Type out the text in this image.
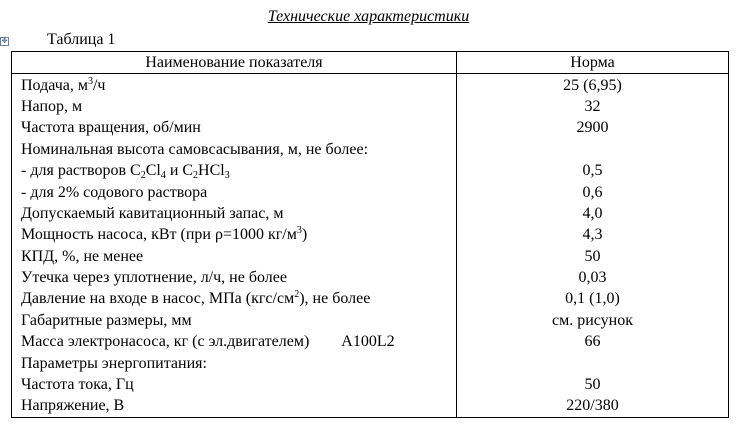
Технические характеристики
✥ Таблица 1
Наименование показателя	Норма
Подача, $м^3/ч$	25 (6,95)
Напор, м	32
Частота вращения, об/мин	2900
Номинальная высота самовсасывания, м, не более:	
- для растворов $C_2Cl_4$ и $C_2HCl_3$	0,5
- для 2% содового раствора	0,6
Допускаемый кавитационный запас, м	4,0
Мощность насоса, кВт (при ρ=1000 $кг/м^3$)	4,3
КПД, %, не менее	50
Утечка через уплотнение, л/ч, не более	0,03
Давление на входе в насос, МПа $(кгс/см^2)$, не более	0,1 (1,0)
Габаритные размеры, мм	см. рисунок
Масса электронасоса, кг (с эл.двигателем) А100L2	66
Параметры энергопитания:	
Частота тока, Гц	50
Напряжение, В	220/380
